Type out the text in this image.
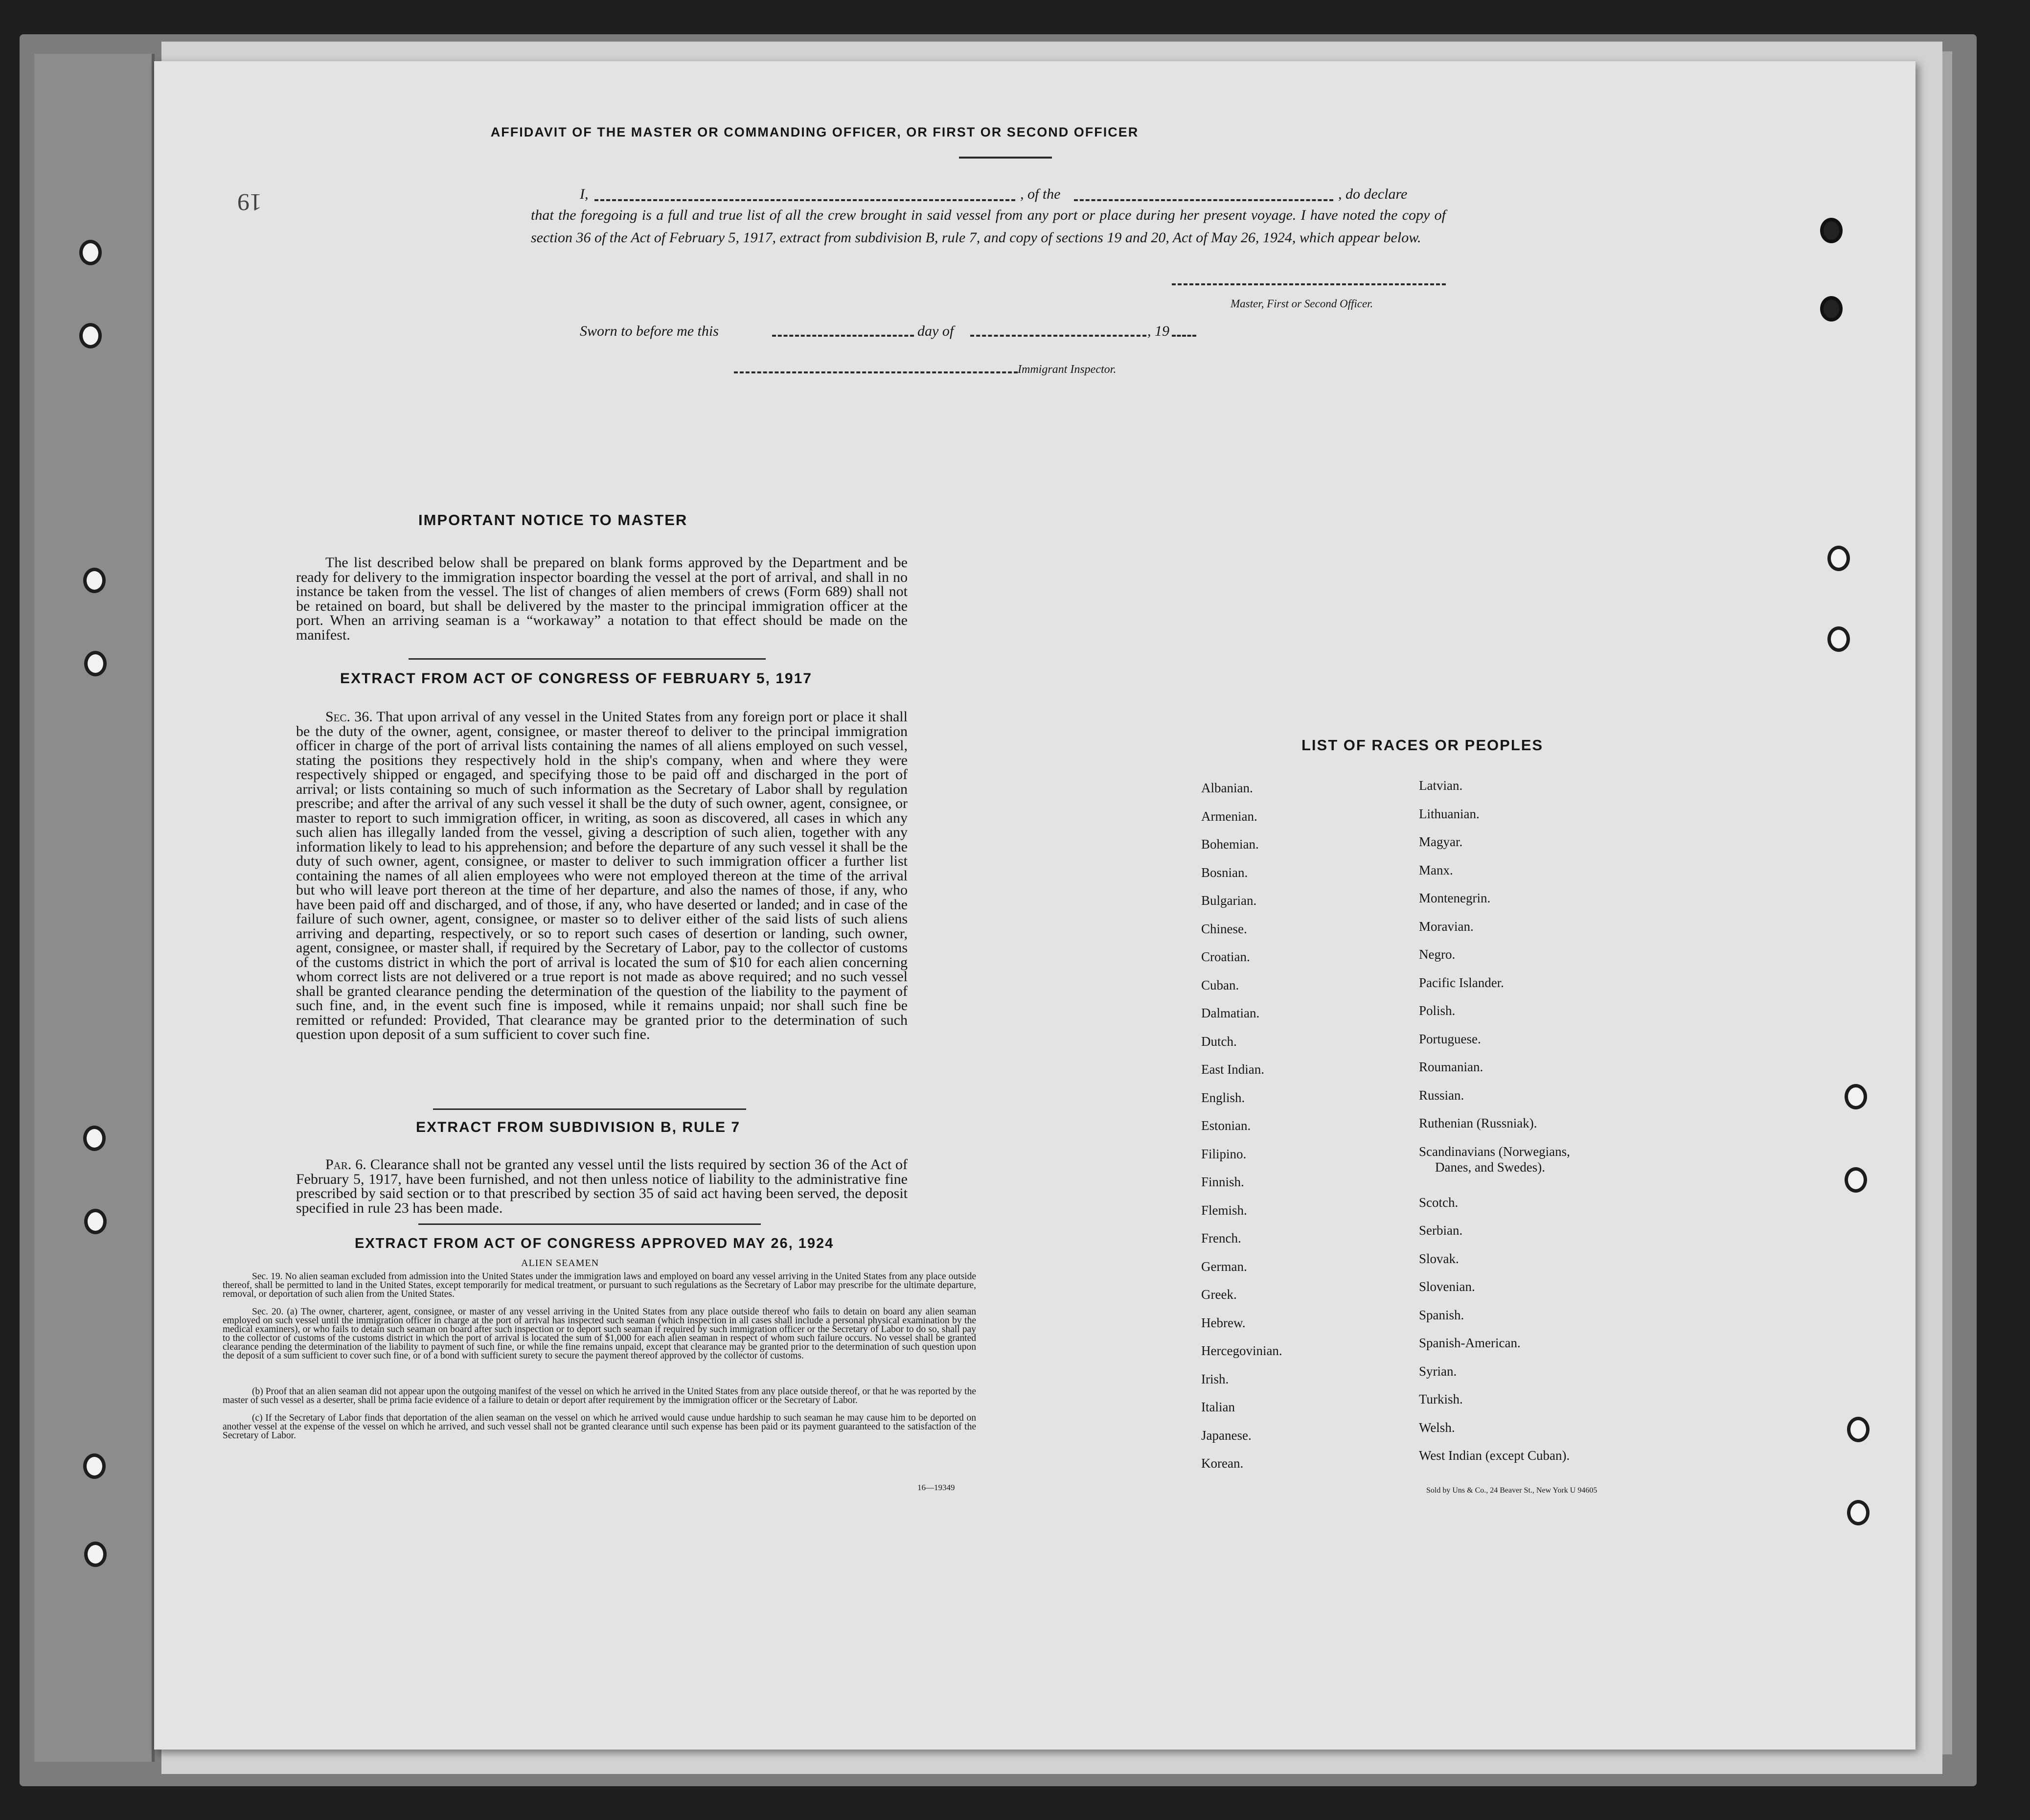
19
AFFIDAVIT OF THE MASTER OR COMMANDING OFFICER, OR FIRST OR SECOND OFFICER
I,	, of the	, do declare
that the foregoing is a full and true list of all the crew brought in said vessel from any port or place during her present voyage. I have noted the copy of section 36 of the Act of February 5, 1917, extract from subdivision B, rule 7, and copy of sections 19 and 20, Act of May 26, 1924, which appear below.
Master, First or Second Officer.
Sworn to before me this	day of	, 19
Immigrant Inspector.
IMPORTANT NOTICE TO MASTER
The list described below shall be prepared on blank forms approved by the Department and be ready for delivery to the immigration inspector boarding the vessel at the port of arrival, and shall in no instance be taken from the vessel. The list of changes of alien members of crews (Form 689) shall not be retained on board, but shall be delivered by the master to the principal immigration officer at the port. When an arriving seaman is a “workaway” a notation to that effect should be made on the manifest.
EXTRACT FROM ACT OF CONGRESS OF FEBRUARY 5, 1917
Sec. 36. That upon arrival of any vessel in the United States from any foreign port or place it shall be the duty of the owner, agent, consignee, or master thereof to deliver to the principal immigration officer in charge of the port of arrival lists containing the names of all aliens employed on such vessel, stating the positions they respectively hold in the ship's company, when and where they were respectively shipped or engaged, and specifying those to be paid off and discharged in the port of arrival; or lists containing so much of such information as the Secretary of Labor shall by regulation prescribe; and after the arrival of any such vessel it shall be the duty of such owner, agent, consignee, or master to report to such immigration officer, in writing, as soon as discovered, all cases in which any such alien has illegally landed from the vessel, giving a description of such alien, together with any information likely to lead to his apprehension; and before the departure of any such vessel it shall be the duty of such owner, agent, consignee, or master to deliver to such immigration officer a further list containing the names of all alien employees who were not employed thereon at the time of the arrival but who will leave port thereon at the time of her departure, and also the names of those, if any, who have been paid off and discharged, and of those, if any, who have deserted or landed; and in case of the failure of such owner, agent, consignee, or master so to deliver either of the said lists of such aliens arriving and departing, respectively, or so to report such cases of desertion or landing, such owner, agent, consignee, or master shall, if required by the Secretary of Labor, pay to the collector of customs of the customs district in which the port of arrival is located the sum of $10 for each alien concerning whom correct lists are not delivered or a true report is not made as above required; and no such vessel shall be granted clearance pending the determination of the question of the liability to the payment of such fine, and, in the event such fine is imposed, while it remains unpaid; nor shall such fine be remitted or refunded: Provided, That clearance may be granted prior to the determination of such question upon deposit of a sum sufficient to cover such fine.
EXTRACT FROM SUBDIVISION B, RULE 7
Par. 6. Clearance shall not be granted any vessel until the lists required by section 36 of the Act of February 5, 1917, have been furnished, and not then unless notice of liability to the administrative fine prescribed by said section or to that prescribed by section 35 of said act having been served, the deposit specified in rule 23 has been made.
EXTRACT FROM ACT OF CONGRESS APPROVED MAY 26, 1924
ALIEN SEAMEN
Sec. 19. No alien seaman excluded from admission into the United States under the immigration laws and employed on board any vessel arriving in the United States from any place outside thereof, shall be permitted to land in the United States, except temporarily for medical treatment, or pursuant to such regulations as the Secretary of Labor may prescribe for the ultimate departure, removal, or deportation of such alien from the United States.
Sec. 20. (a) The owner, charterer, agent, consignee, or master of any vessel arriving in the United States from any place outside thereof who fails to detain on board any alien seaman employed on such vessel until the immigration officer in charge at the port of arrival has inspected such seaman (which inspection in all cases shall include a personal physical examination by the medical examiners), or who fails to detain such seaman on board after such inspection or to deport such seaman if required by such immigration officer or the Secretary of Labor to do so, shall pay to the collector of customs of the customs district in which the port of arrival is located the sum of $1,000 for each alien seaman in respect of whom such failure occurs. No vessel shall be granted clearance pending the determination of the liability to payment of such fine, or while the fine remains unpaid, except that clearance may be granted prior to the determination of such question upon the deposit of a sum sufficient to cover such fine, or of a bond with sufficient surety to secure the payment thereof approved by the collector of customs.
(b) Proof that an alien seaman did not appear upon the outgoing manifest of the vessel on which he arrived in the United States from any place outside thereof, or that he was reported by the master of such vessel as a deserter, shall be prima facie evidence of a failure to detain or deport after requirement by the immigration officer or the Secretary of Labor.
(c) If the Secretary of Labor finds that deportation of the alien seaman on the vessel on which he arrived would cause undue hardship to such seaman he may cause him to be deported on another vessel at the expense of the vessel on which he arrived, and such vessel shall not be granted clearance until such expense has been paid or its payment guaranteed to the satisfaction of the Secretary of Labor.
16—19349
LIST OF RACES OR PEOPLES
Albanian.
Armenian.
Bohemian.
Bosnian.
Bulgarian.
Chinese.
Croatian.
Cuban.
Dalmatian.
Dutch.
East Indian.
English.
Estonian.
Filipino.
Finnish.
Flemish.
French.
German.
Greek.
Hebrew.
Hercegovinian.
Irish.
Italian
Japanese.
Korean.
Latvian.
Lithuanian.
Magyar.
Manx.
Montenegrin.
Moravian.
Negro.
Pacific Islander.
Polish.
Portuguese.
Roumanian.
Russian.
Ruthenian (Russniak).
Scandinavians (Norwegians,
Danes, and Swedes).
Scotch.
Serbian.
Slovak.
Slovenian.
Spanish.
Spanish-American.
Syrian.
Turkish.
Welsh.
West Indian (except Cuban).
Sold by Uns & Co., 24 Beaver St., New York U 94605
